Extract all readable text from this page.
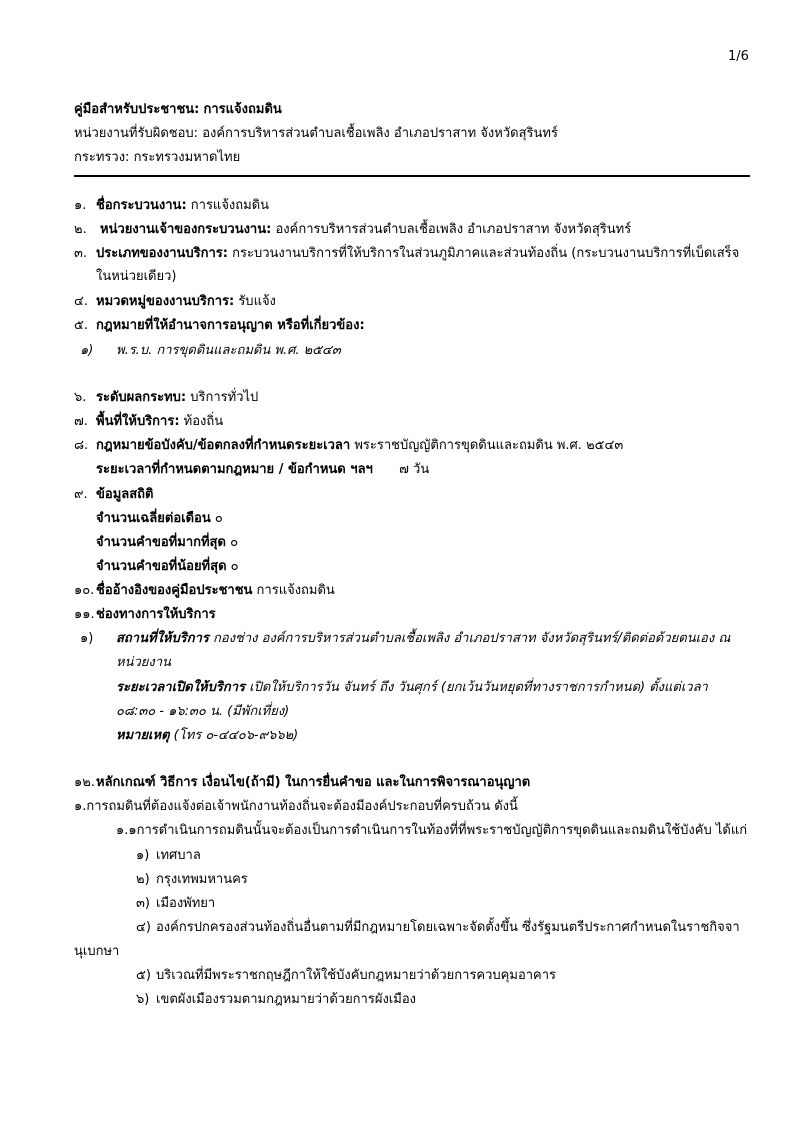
1/6
คู่มือสำหรับประชาชน: การแจ้งถมดิน
หน่วยงานที่รับผิดชอบ: องค์การบริหารส่วนตำบลเชื้อเพลิง อำเภอปราสาท จังหวัดสุรินทร์
กระทรวง: กระทรวงมหาดไทย
๑. ชื่อกระบวนงาน: การแจ้งถมดิน
๒. หน่วยงานเจ้าของกระบวนงาน: องค์การบริหารส่วนตำบลเชื้อเพลิง อำเภอปราสาท จังหวัดสุรินทร์
๓. ประเภทของงานบริการ: กระบวนงานบริการที่ให้บริการในส่วนภูมิภาคและส่วนท้องถิ่น (กระบวนงานบริการที่เบ็ดเสร็จ
ในหน่วยเดียว)
๔. หมวดหมู่ของงานบริการ: รับแจ้ง
๕. กฎหมายที่ให้อำนาจการอนุญาต หรือที่เกี่ยวข้อง:
๑) พ.ร.บ. การขุดดินและถมดิน พ.ศ. ๒๕๔๓
๖. ระดับผลกระทบ: บริการทั่วไป
๗. พื้นที่ให้บริการ: ท้องถิ่น
๘. กฎหมายข้อบังคับ/ข้อตกลงที่กำหนดระยะเวลา พระราชบัญญัติการขุดดินและถมดิน พ.ศ. ๒๕๔๓
ระยะเวลาที่กำหนดตามกฎหมาย / ข้อกำหนด ฯลฯ ๗ วัน
๙. ข้อมูลสถิติ
จำนวนเฉลี่ยต่อเดือน ๐
จำนวนคำขอที่มากที่สุด ๐
จำนวนคำขอที่น้อยที่สุด ๐
๑๐. ชื่ออ้างอิงของคู่มือประชาชน การแจ้งถมดิน
๑๑. ช่องทางการให้บริการ
๑) สถานที่ให้บริการ กองช่าง องค์การบริหารส่วนตำบลเชื้อเพลิง อำเภอปราสาท จังหวัดสุรินทร์/ติดต่อด้วยตนเอง ณ
หน่วยงาน
ระยะเวลาเปิดให้บริการ เปิดให้บริการวัน จันทร์ ถึง วันศุกร์ (ยกเว้นวันหยุดที่ทางราชการกำหนด) ตั้งแต่เวลา
๐๘:๓๐ - ๑๖:๓๐ น. (มีพักเที่ยง)
หมายเหตุ (โทร ๐-๔๔๐๖-๙๖๖๒)
๑๒. หลักเกณฑ์ วิธีการ เงื่อนไข(ถ้ามี) ในการยื่นคำขอ และในการพิจารณาอนุญาต
๑.การถมดินที่ต้องแจ้งต่อเจ้าพนักงานท้องถิ่นจะต้องมีองค์ประกอบที่ครบถ้วน ดังนี้
๑.๑การดำเนินการถมดินนั้นจะต้องเป็นการดำเนินการในท้องที่ที่พระราชบัญญัติการขุดดินและถมดินใช้บังคับ ได้แก่
๑) เทศบาล
๒) กรุงเทพมหานคร
๓) เมืองพัทยา
๔) องค์กรปกครองส่วนท้องถิ่นอื่นตามที่มีกฎหมายโดยเฉพาะจัดตั้งขึ้น ซึ่งรัฐมนตรีประกาศกำหนดในราชกิจจา
นุเบกษา
๕) บริเวณที่มีพระราชกฤษฎีกาให้ใช้บังคับกฎหมายว่าด้วยการควบคุมอาคาร
๖) เขตผังเมืองรวมตามกฎหมายว่าด้วยการผังเมือง
